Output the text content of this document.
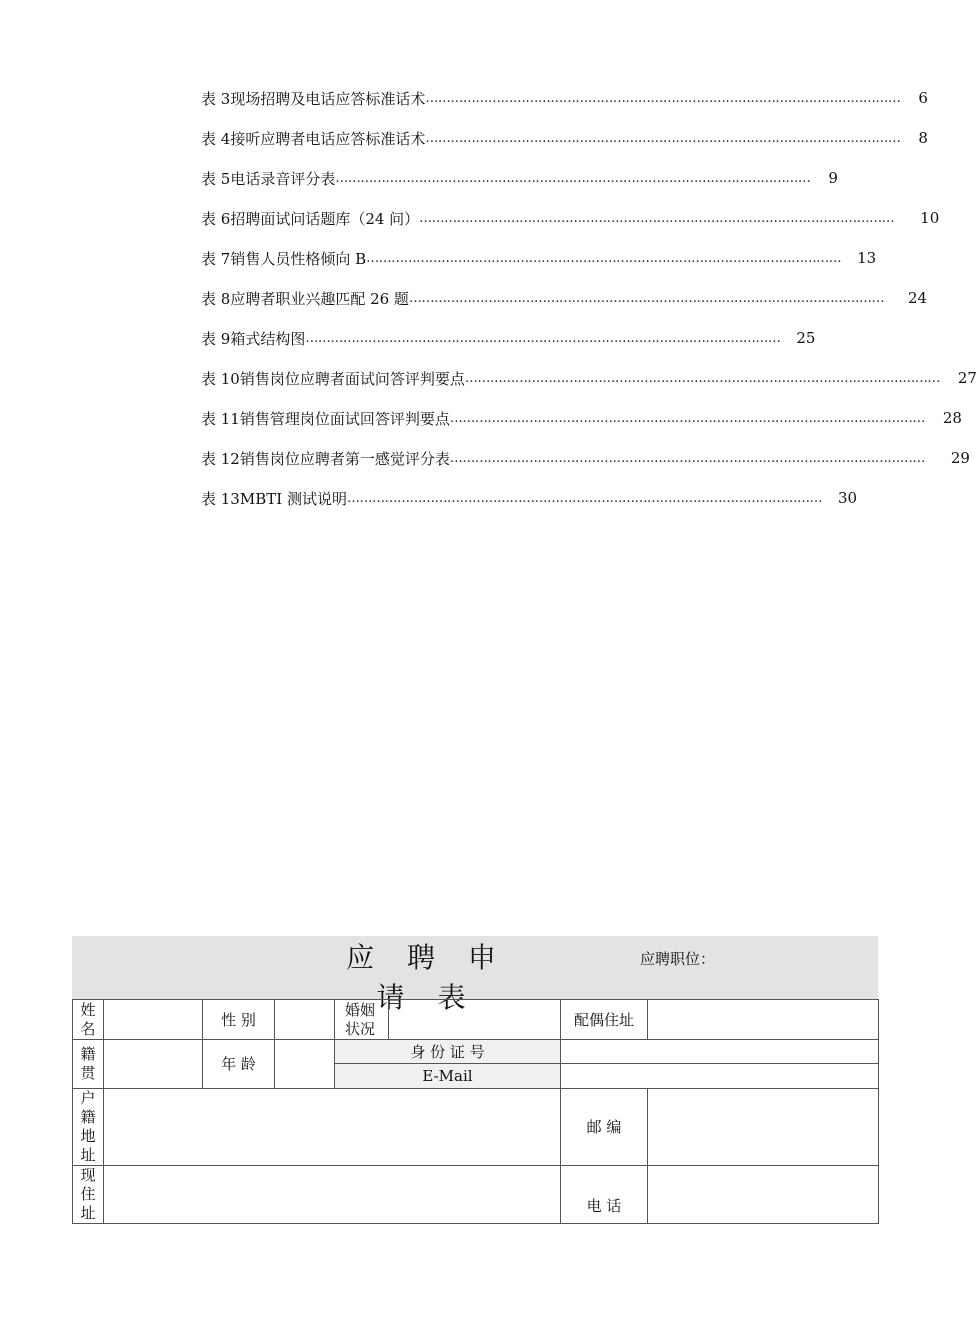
表 3 现场招聘及电话应答标准话术 ……………………………………………………………………………………………………	6
表 4 接听应聘者电话应答标准话术 ……………………………………………………………………………………………………	8
表 5 电话录音评分表 ……………………………………………………………………………………………………	9
表 6 招聘面试问话题库（24 问） ……………………………………………………………………………………………………	10
表 7 销售人员性格倾向 B ……………………………………………………………………………………………………	13
表 8 应聘者职业兴趣匹配 26 题 ……………………………………………………………………………………………………	24
表 9 箱式结构图 ……………………………………………………………………………………………………	25
表 10 销售岗位应聘者面试问答评判要点 ……………………………………………………………………………………………………	27
表 11 销售管理岗位面试回答评判要点 ……………………………………………………………………………………………………	28
表 12 销售岗位应聘者第一感觉评分表 ……………………………………………………………………………………………………	29
表 13 MBTI 测试说明 ……………………………………………………………………………………………………	30
应 聘 申 请 表
应聘职位：
姓名		性 别		婚姻状况		配偶住址	

籍贯		年 龄		身 份 证 号			
				E-Mail			

户籍地址						邮 编	

现住址						电 话	
